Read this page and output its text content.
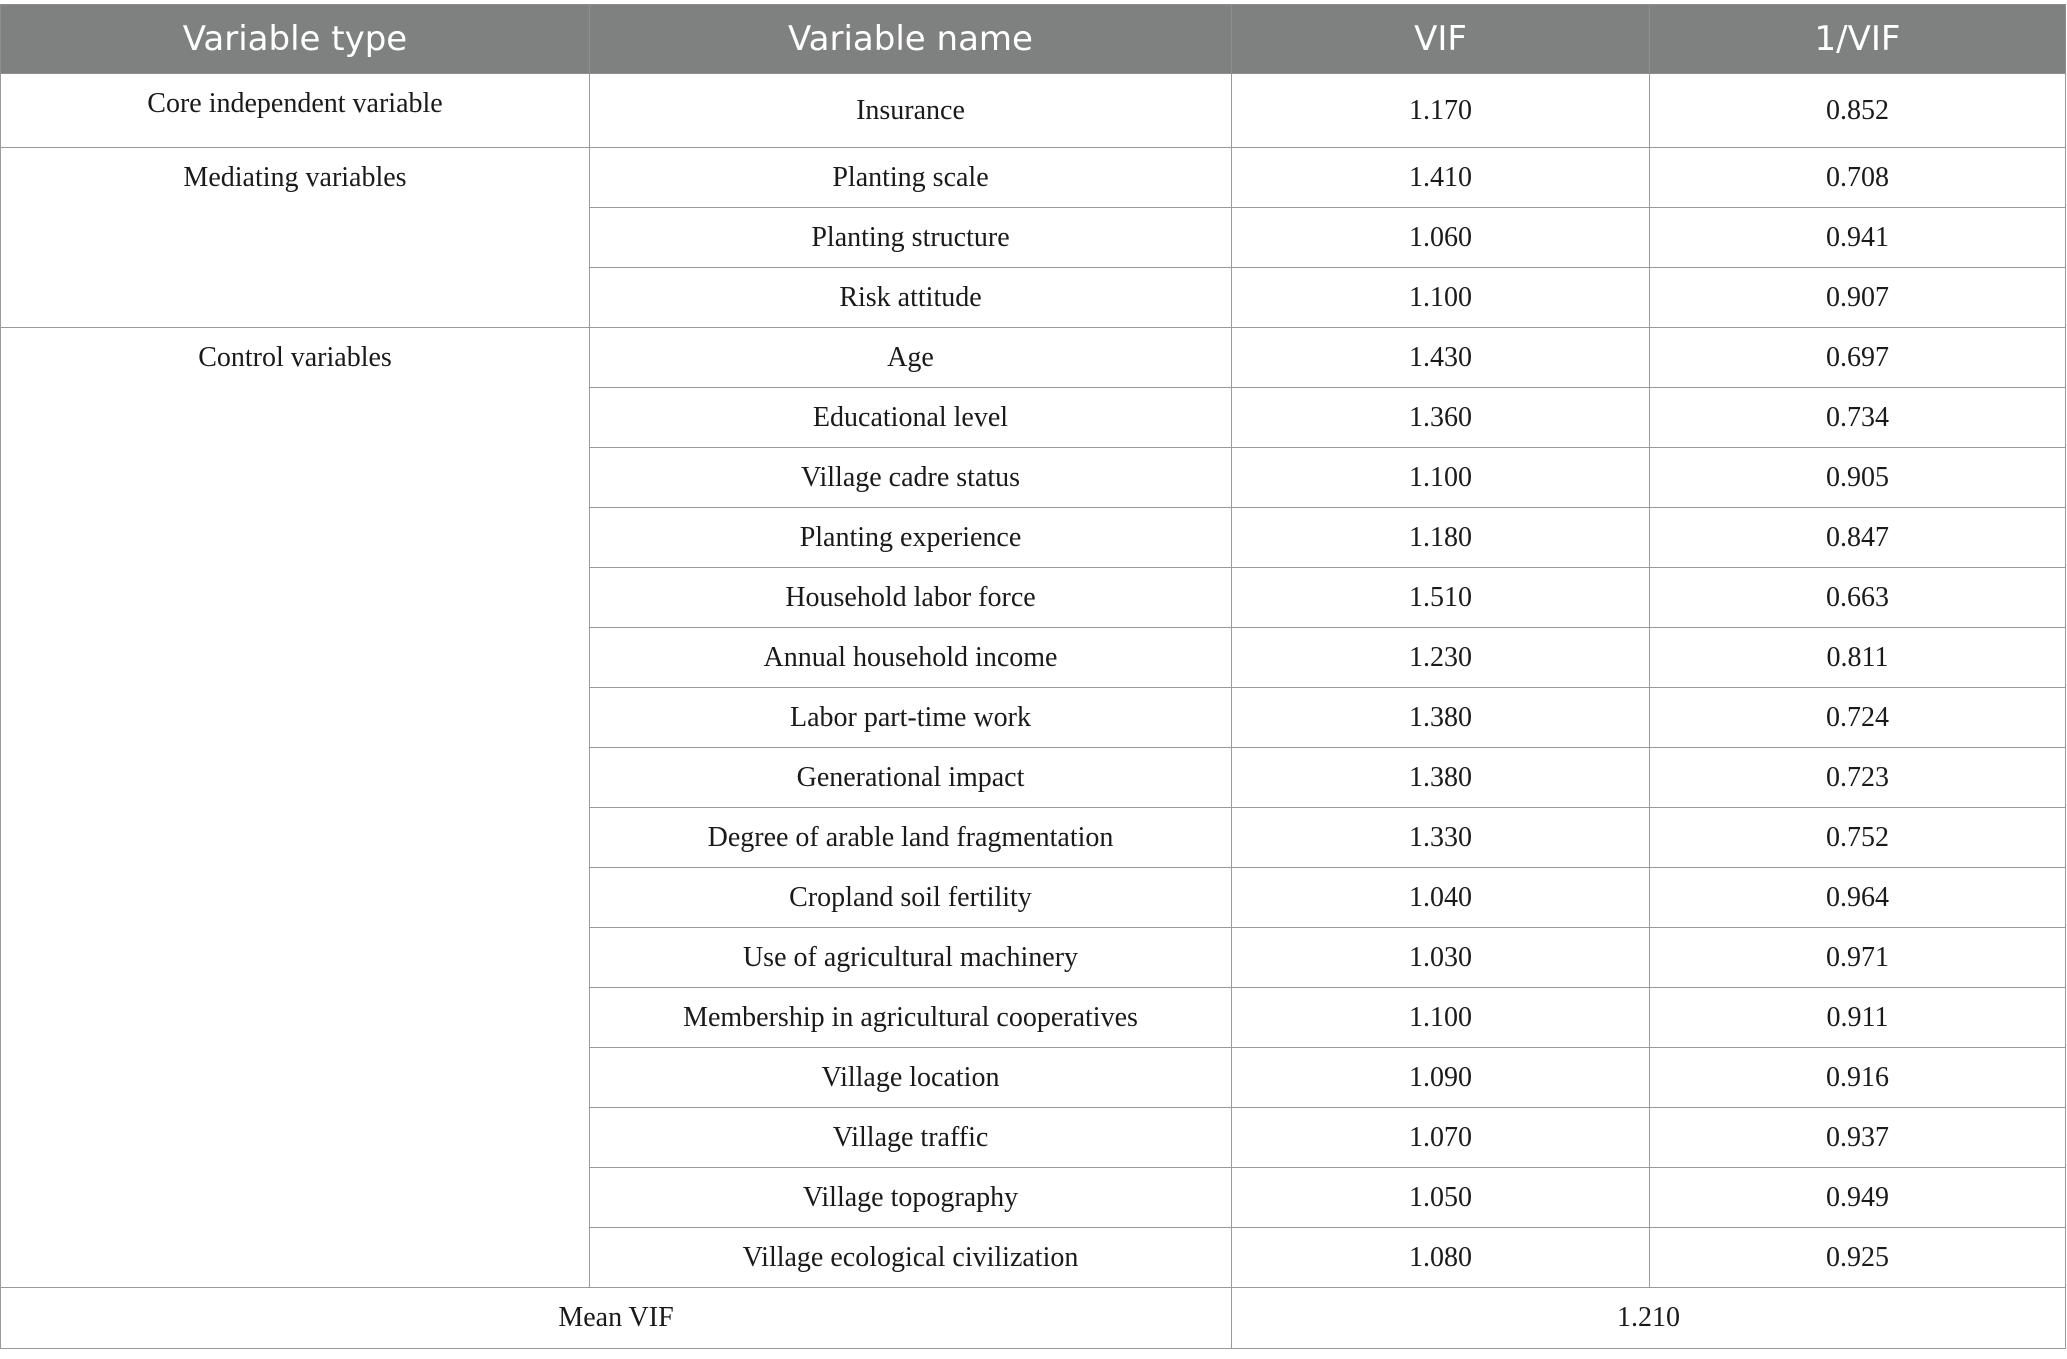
Variable type	Variable name	VIF	1/VIF
Core independent variable	Insurance	1.170	0.852
Mediating variables	Planting scale	1.410	0.708
	Planting structure	1.060	0.941
	Risk attitude	1.100	0.907
Control variables	Age	1.430	0.697
	Educational level	1.360	0.734
	Village cadre status	1.100	0.905
	Planting experience	1.180	0.847
	Household labor force	1.510	0.663
	Annual household income	1.230	0.811
	Labor part-time work	1.380	0.724
	Generational impact	1.380	0.723
	Degree of arable land fragmentation	1.330	0.752
	Cropland soil fertility	1.040	0.964
	Use of agricultural machinery	1.030	0.971
	Membership in agricultural cooperatives	1.100	0.911
	Village location	1.090	0.916
	Village traffic	1.070	0.937
	Village topography	1.050	0.949
	Village ecological civilization	1.080	0.925
Mean VIF		1.210	
